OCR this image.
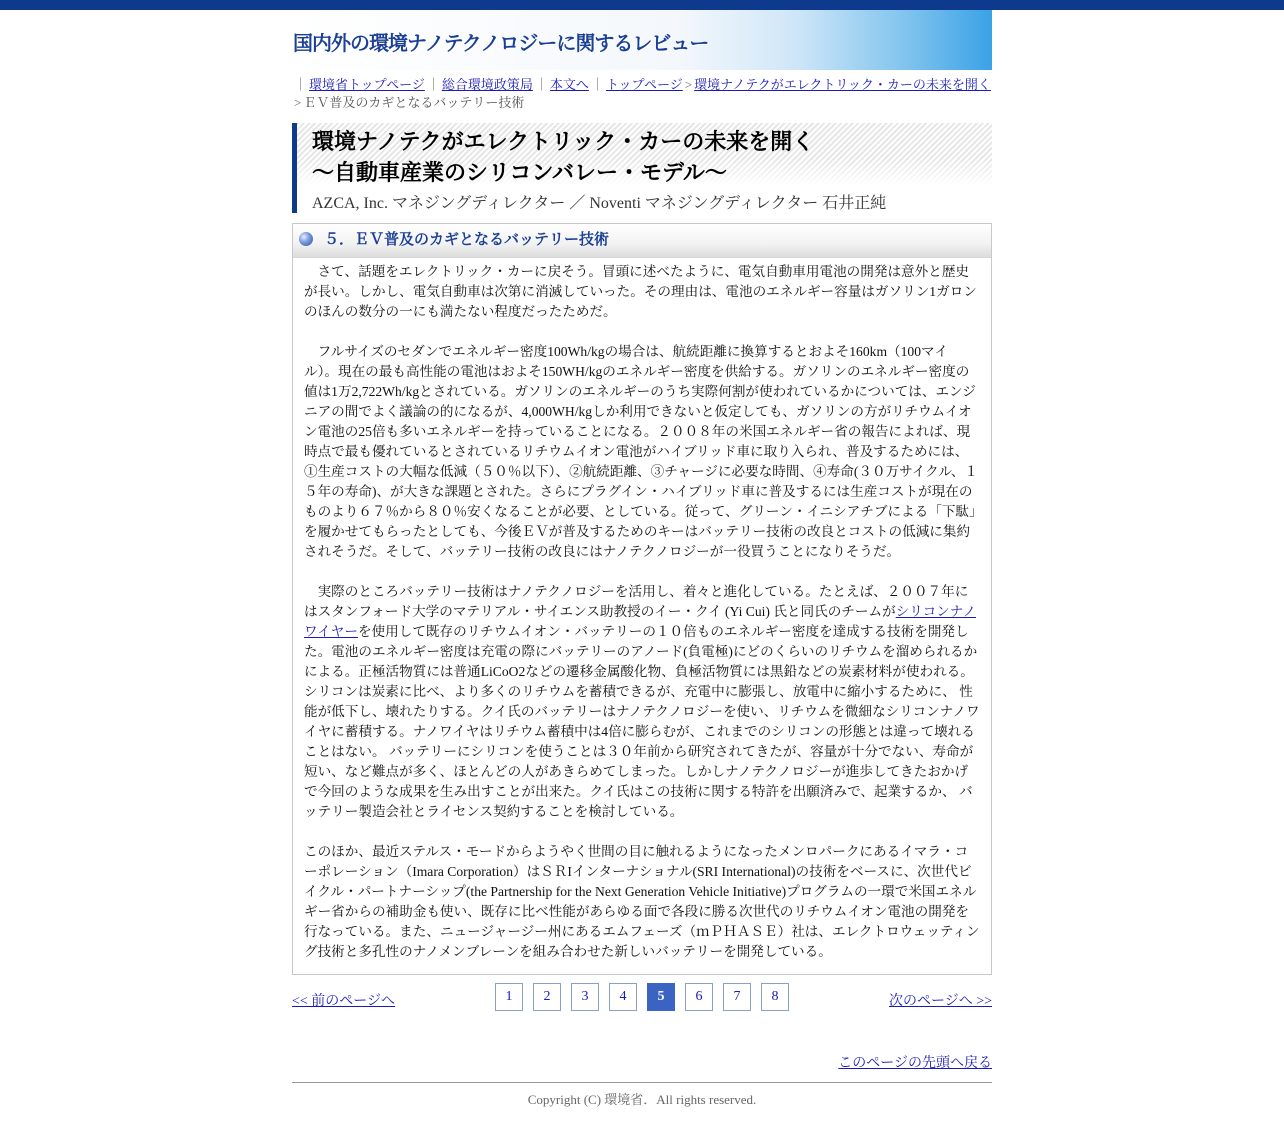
国内外の環境ナノテクノロジーに関するレビュー
｜ 環境省トップページ ｜ 総合環境政策局 ｜ 本文へ ｜ トップページ > 環境ナノテクがエレクトリック・カーの未来を開く> ＥＶ普及のカギとなるバッテリー技術
環境ナノテクがエレクトリック・カーの未来を開く
～自動車産業のシリコンバレー・モデル～
AZCA, Inc. マネジングディレクター ／ Noventi マネジングディレクター 石井正純
５．ＥＶ普及のカギとなるバッテリー技術

　さて、話題をエレクトリック・カーに戻そう。冒頭に述べたように、電気自動車用電池の開発は意外と歴史が長い。しかし、電気自動車は次第に消滅していった。その理由は、電池のエネルギー容量はガソリン1ガロンのほんの数分の一にも満たない程度だったためだ。

　フルサイズのセダンでエネルギー密度100Wh/kgの場合は、航続距離に換算するとおよそ160km（100マイル）。現在の最も高性能の電池はおよそ150WH/kgのエネルギー密度を供給する。ガソリンのエネルギー密度の値は1万2,722Wh/kgとされている。ガソリンのエネルギーのうち実際何割が使われているかについては、エンジニアの間でよく議論の的になるが、4,000WH/kgしか利用できないと仮定しても、ガソリンの方がリチウムイオン電池の25倍も多いエネルギーを持っていることになる。２００８年の米国エネルギー省の報告によれば、現時点で最も優れているとされているリチウムイオン電池がハイブリッド車に取り入られ、普及するためには、①生産コストの大幅な低減（５０％以下）、②航続距離、③チャージに必要な時間、④寿命(３０万サイクル、１５年の寿命)、が大きな課題とされた。さらにプラグイン・ハイブリッド車に普及するには生産コストが現在のものより６７％から８０％安くなることが必要、としている。従って、グリーン・イニシアチブによる「下駄」を履かせてもらったとしても、今後ＥＶが普及するためのキーはバッテリー技術の改良とコストの低減に集約されそうだ。そして、バッテリー技術の改良にはナノテクノロジーが一役買うことになりそうだ。

　実際のところバッテリー技術はナノテクノロジーを活用し、着々と進化している。たとえば、２００７年にはスタンフォード大学のマテリアル・サイエンス助教授のイー・クイ (Yi Cui) 氏と同氏のチームがシリコンナノワイヤーを使用して既存のリチウムイオン・バッテリーの１０倍ものエネルギー密度を達成する技術を開発した。電池のエネルギー密度は充電の際にバッテリーのアノード(負電極)にどのくらいのリチウムを溜められるかによる。正極活物質には普通LiCoO2などの遷移金属酸化物、負極活物質には黒鉛などの炭素材料が使われる。シリコンは炭素に比べ、より多くのリチウムを蓄積できるが、充電中に膨張し、放電中に縮小するために、 性能が低下し、壊れたりする。クイ氏のバッテリーはナノテクノロジーを使い、リチウムを微細なシリコンナノワイヤに蓄積する。ナノワイヤはリチウム蓄積中は4倍に膨らむが、これまでのシリコンの形態とは違って壊れることはない。 バッテリーにシリコンを使うことは３０年前から研究されてきたが、容量が十分でない、寿命が短い、など難点が多く、ほとんどの人があきらめてしまった。しかしナノテクノロジーが進歩してきたおかげで今回のような成果を生み出すことが出来た。クイ氏はこの技術に関する特許を出願済みで、起業するか、 バッテリー製造会社とライセンス契約することを検討している。

このほか、最近ステルス・モードからようやく世間の目に触れるようになったメンロパークにあるイマラ・コーポレーション（Imara Corporation）はＳＲIインターナショナル(SRI International)の技術をベースに、次世代ビイクル・パートナーシップ(the Partnership for the Next Generation Vehicle Initiative)プログラムの一環で米国エネルギー省からの補助金も使い、既存に比べ性能があらゆる面で各段に勝る次世代のリチウムイオン電池の開発を行なっている。また、ニュージャージー州にあるエムフェーズ（ｍＰＨＡＳＥ）社は、エレクトロウェッティング技術と多孔性のナノメンブレーンを組み合わせた新しいバッテリーを開発している。

<< 前のページへ	1	2	3	4	5	6	7	8	次のページへ >>
このページの先頭へ戻る
Copyright (C) 環境省．All rights reserved.
